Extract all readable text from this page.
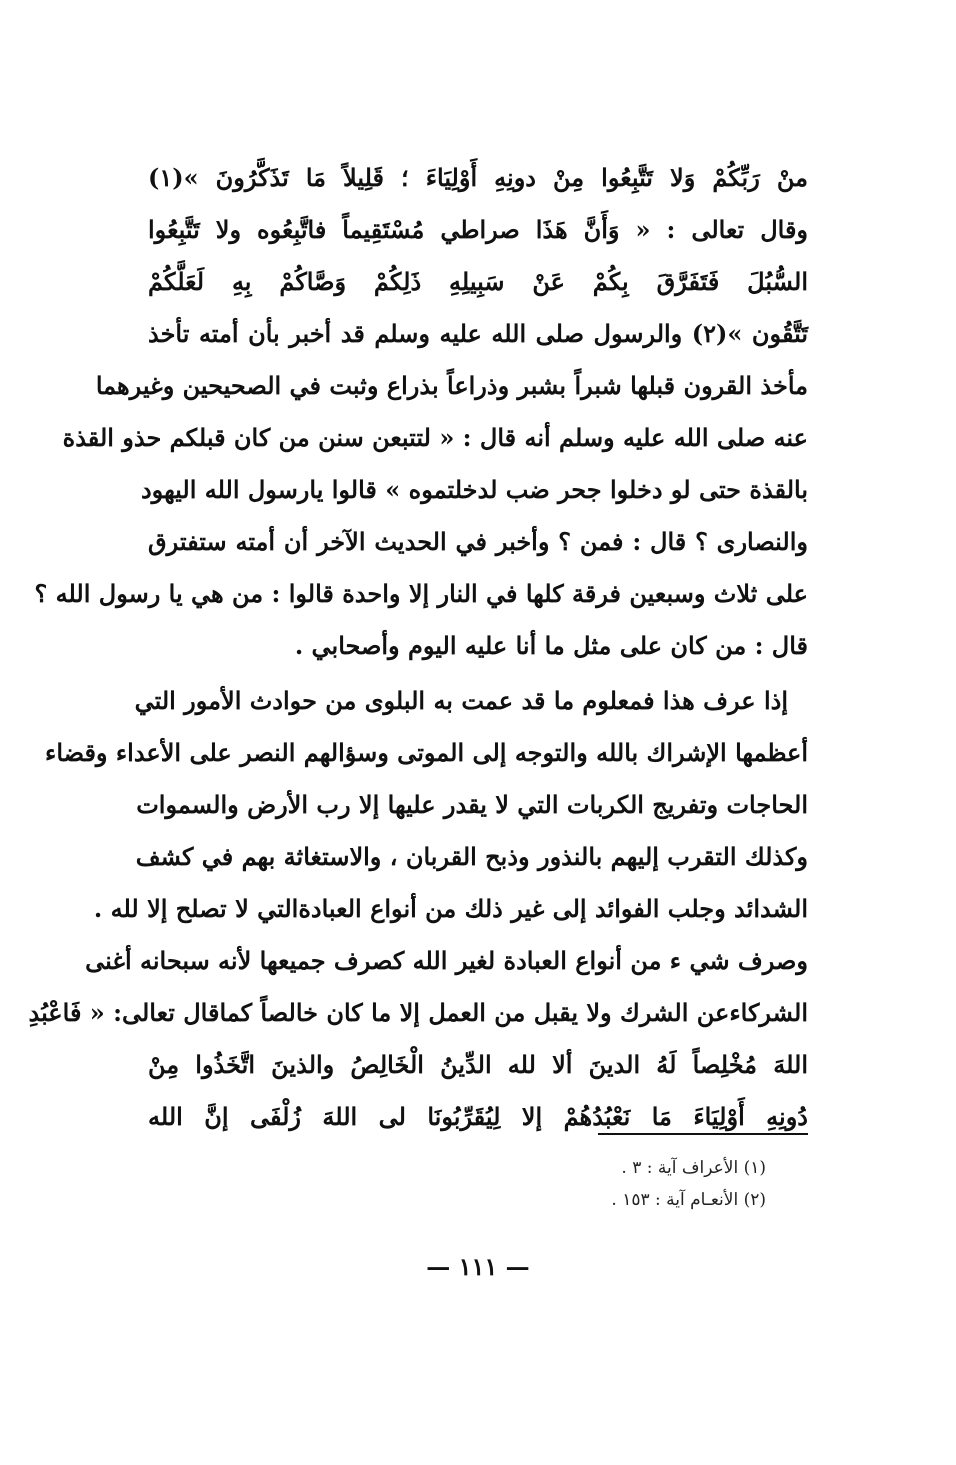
منْ رَبِّكُمْ وَلا تَتَّبِعُوا مِنْ دونِهِ أَوْلِيَاءَ ؛ قَلِيلاً مَا تَذَكَّرُونَ »(١)
وقال تعالى : « وَأَنَّ هَذَا صراطي مُسْتَقِيماً فاتَّبِعُوه ولا تَتَّبِعُوا
السُّبُلَ فَتَفَرَّقَ بِكُمْ عَنْ سَبِيلِهِ ذَلِكُمْ وَصَّاكُمْ بِهِ لَعَلَّكُمْ
تَتَّقُون »(٢) والرسول صلى الله عليه وسلم قد أخبر بأن أمته تأخذ
مأخذ القرون قبلها شبراً بشبر وذراعاً بذراع وثبت في الصحيحين وغيرهما
عنه صلى الله عليه وسلم أنه قال : « لتتبعن سنن من كان قبلكم حذو القذة
بالقذة حتى لو دخلوا جحر ضب لدخلتموه » قالوا يارسول الله اليهود
والنصارى ؟ قال : فمن ؟ وأخبر في الحديث الآخر أن أمته ستفترق
على ثلاث وسبعين فرقة كلها في النار إلا واحدة قالوا : من هي يا رسول الله ؟
قال : من كان على مثل ما أنا عليه اليوم وأصحابي .
إذا عرف هذا فمعلوم ما قد عمت به البلوى من حوادث الأمور التي
أعظمها الإشراك بالله والتوجه إلى الموتى وسؤالهم النصر على الأعداء وقضاء
الحاجات وتفريج الكربات التي لا يقدر عليها إلا رب الأرض والسموات
وكذلك التقرب إليهم بالنذور وذبح القربان ، والاستغاثة بهم في كشف
الشدائد وجلب الفوائد إلى غير ذلك من أنواع العبادةالتي لا تصلح إلا لله .
وصرف شي ء من أنواع العبادة لغير الله كصرف جميعها لأنه سبحانه أغنى
الشركاءعن الشرك ولا يقبل من العمل إلا ما كان خالصاً كماقال تعالى: « فَاعْبُدِ
اللهَ مُخْلِصاً لَهُ الدينَ ألا لله الدِّينُ الْخَالِصُ والذينَ اتَّخَذُوا مِنْ
دُونِهِ أَوْلِيَاءَ مَا نَعْبُدُهُمْ إلا لِيُقَرِّبُونَا لى اللهَ زُلْفَى إنَّ الله
(١) الأعراف آية : ٣ .
(٢) الأنعـام آية : ١٥٣ .
— ١١١ —
